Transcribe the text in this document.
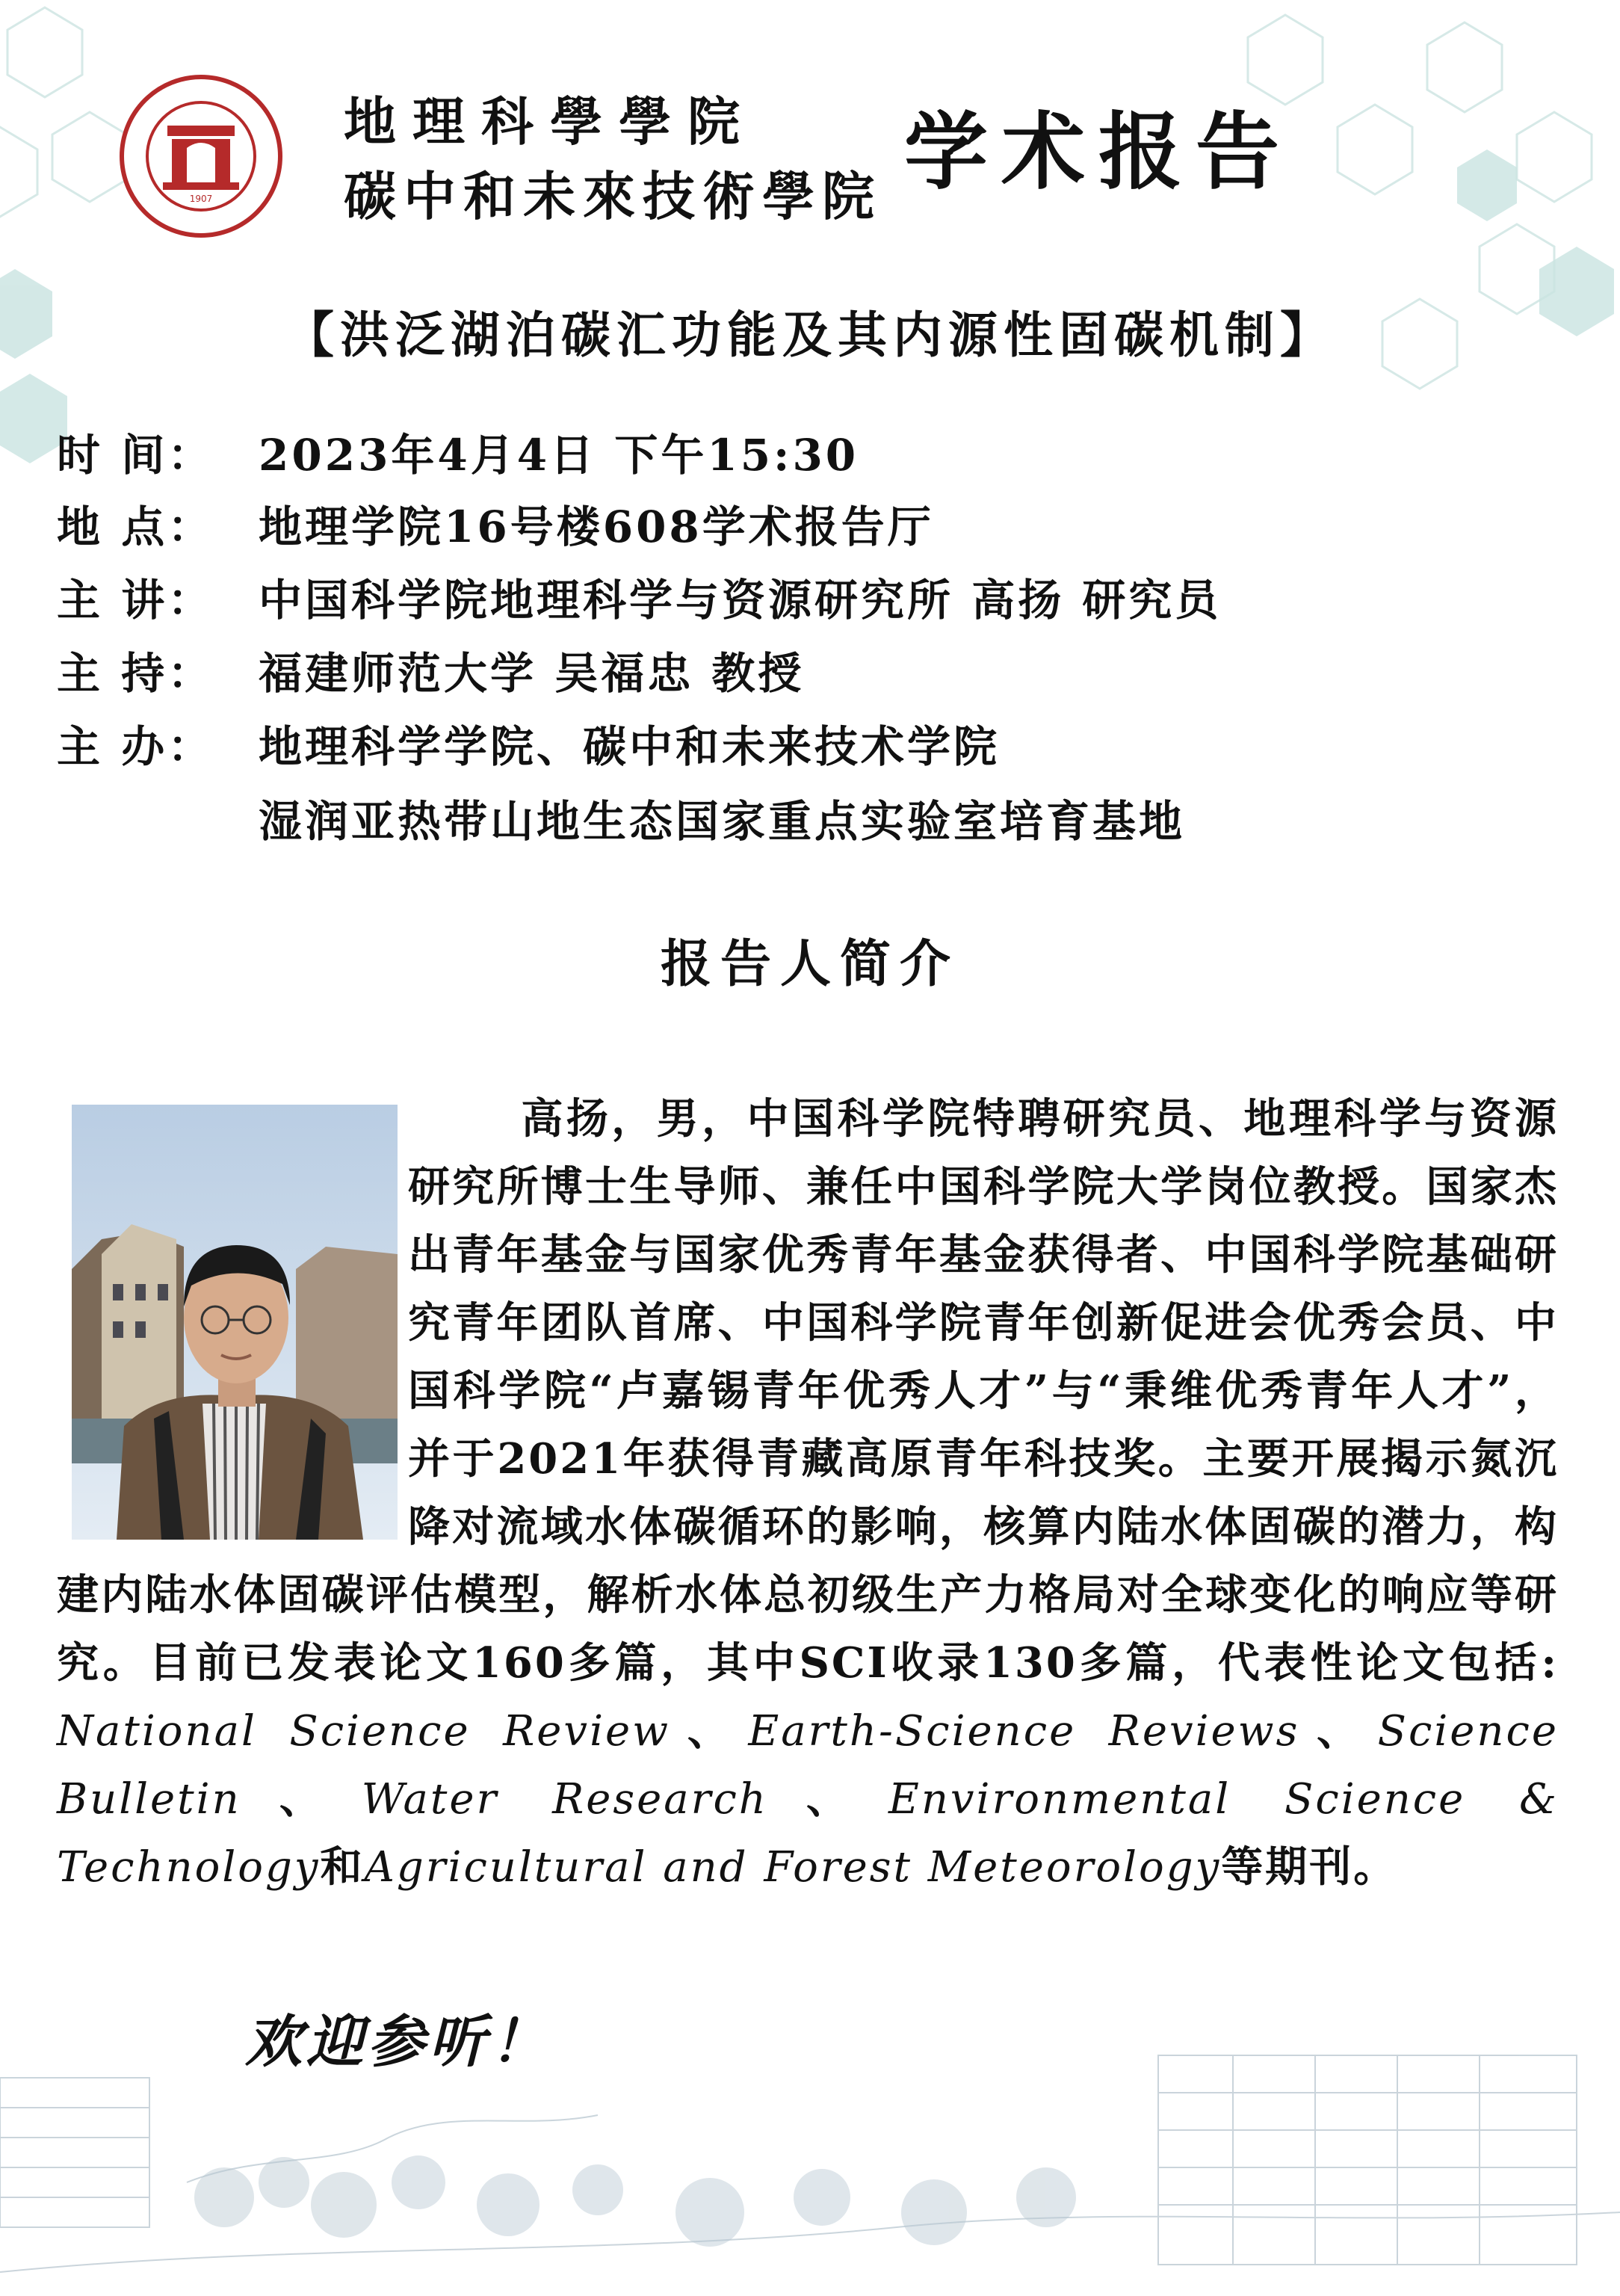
1907
地理科學學院
碳中和未來技術學院 学术报告
【洪泛湖泊碳汇功能及其内源性固碳机制】
时 间： 2023年4月4日 下午15:30
地 点： 地理学院16号楼608学术报告厅
主 讲： 中国科学院地理科学与资源研究所 高扬 研究员
主 持： 福建师范大学 吴福忠 教授
主 办： 地理科学学院、碳中和未来技术学院
湿润亚热带山地生态国家重点实验室培育基地
报告人简介
高扬，男，中国科学院特聘研究员、地理科学与资源研究所博士生导师、兼任中国科学院大学岗位教授。国家杰出青年基金与国家优秀青年基金获得者、中国科学院基础研究青年团队首席、中国科学院青年创新促进会优秀会员、中国科学院“卢嘉锡青年优秀人才”与“秉维优秀青年人才”，并于2021年获得青藏高原青年科技奖。主要开展揭示氮沉降对流域水体碳循环的影响，核算内陆水体固碳的潜力，构建内陆水体固碳评估模型，解析水体总初级生产力格局对全球变化的响应等研究。目前已发表论文160多篇，其中SCI收录130多篇，代表性论文包括: National Science Review、Earth-Science Reviews、Science Bulletin、Water Research、Environmental Science & Technology和Agricultural and Forest Meteorology等期刊。
欢迎参听！
